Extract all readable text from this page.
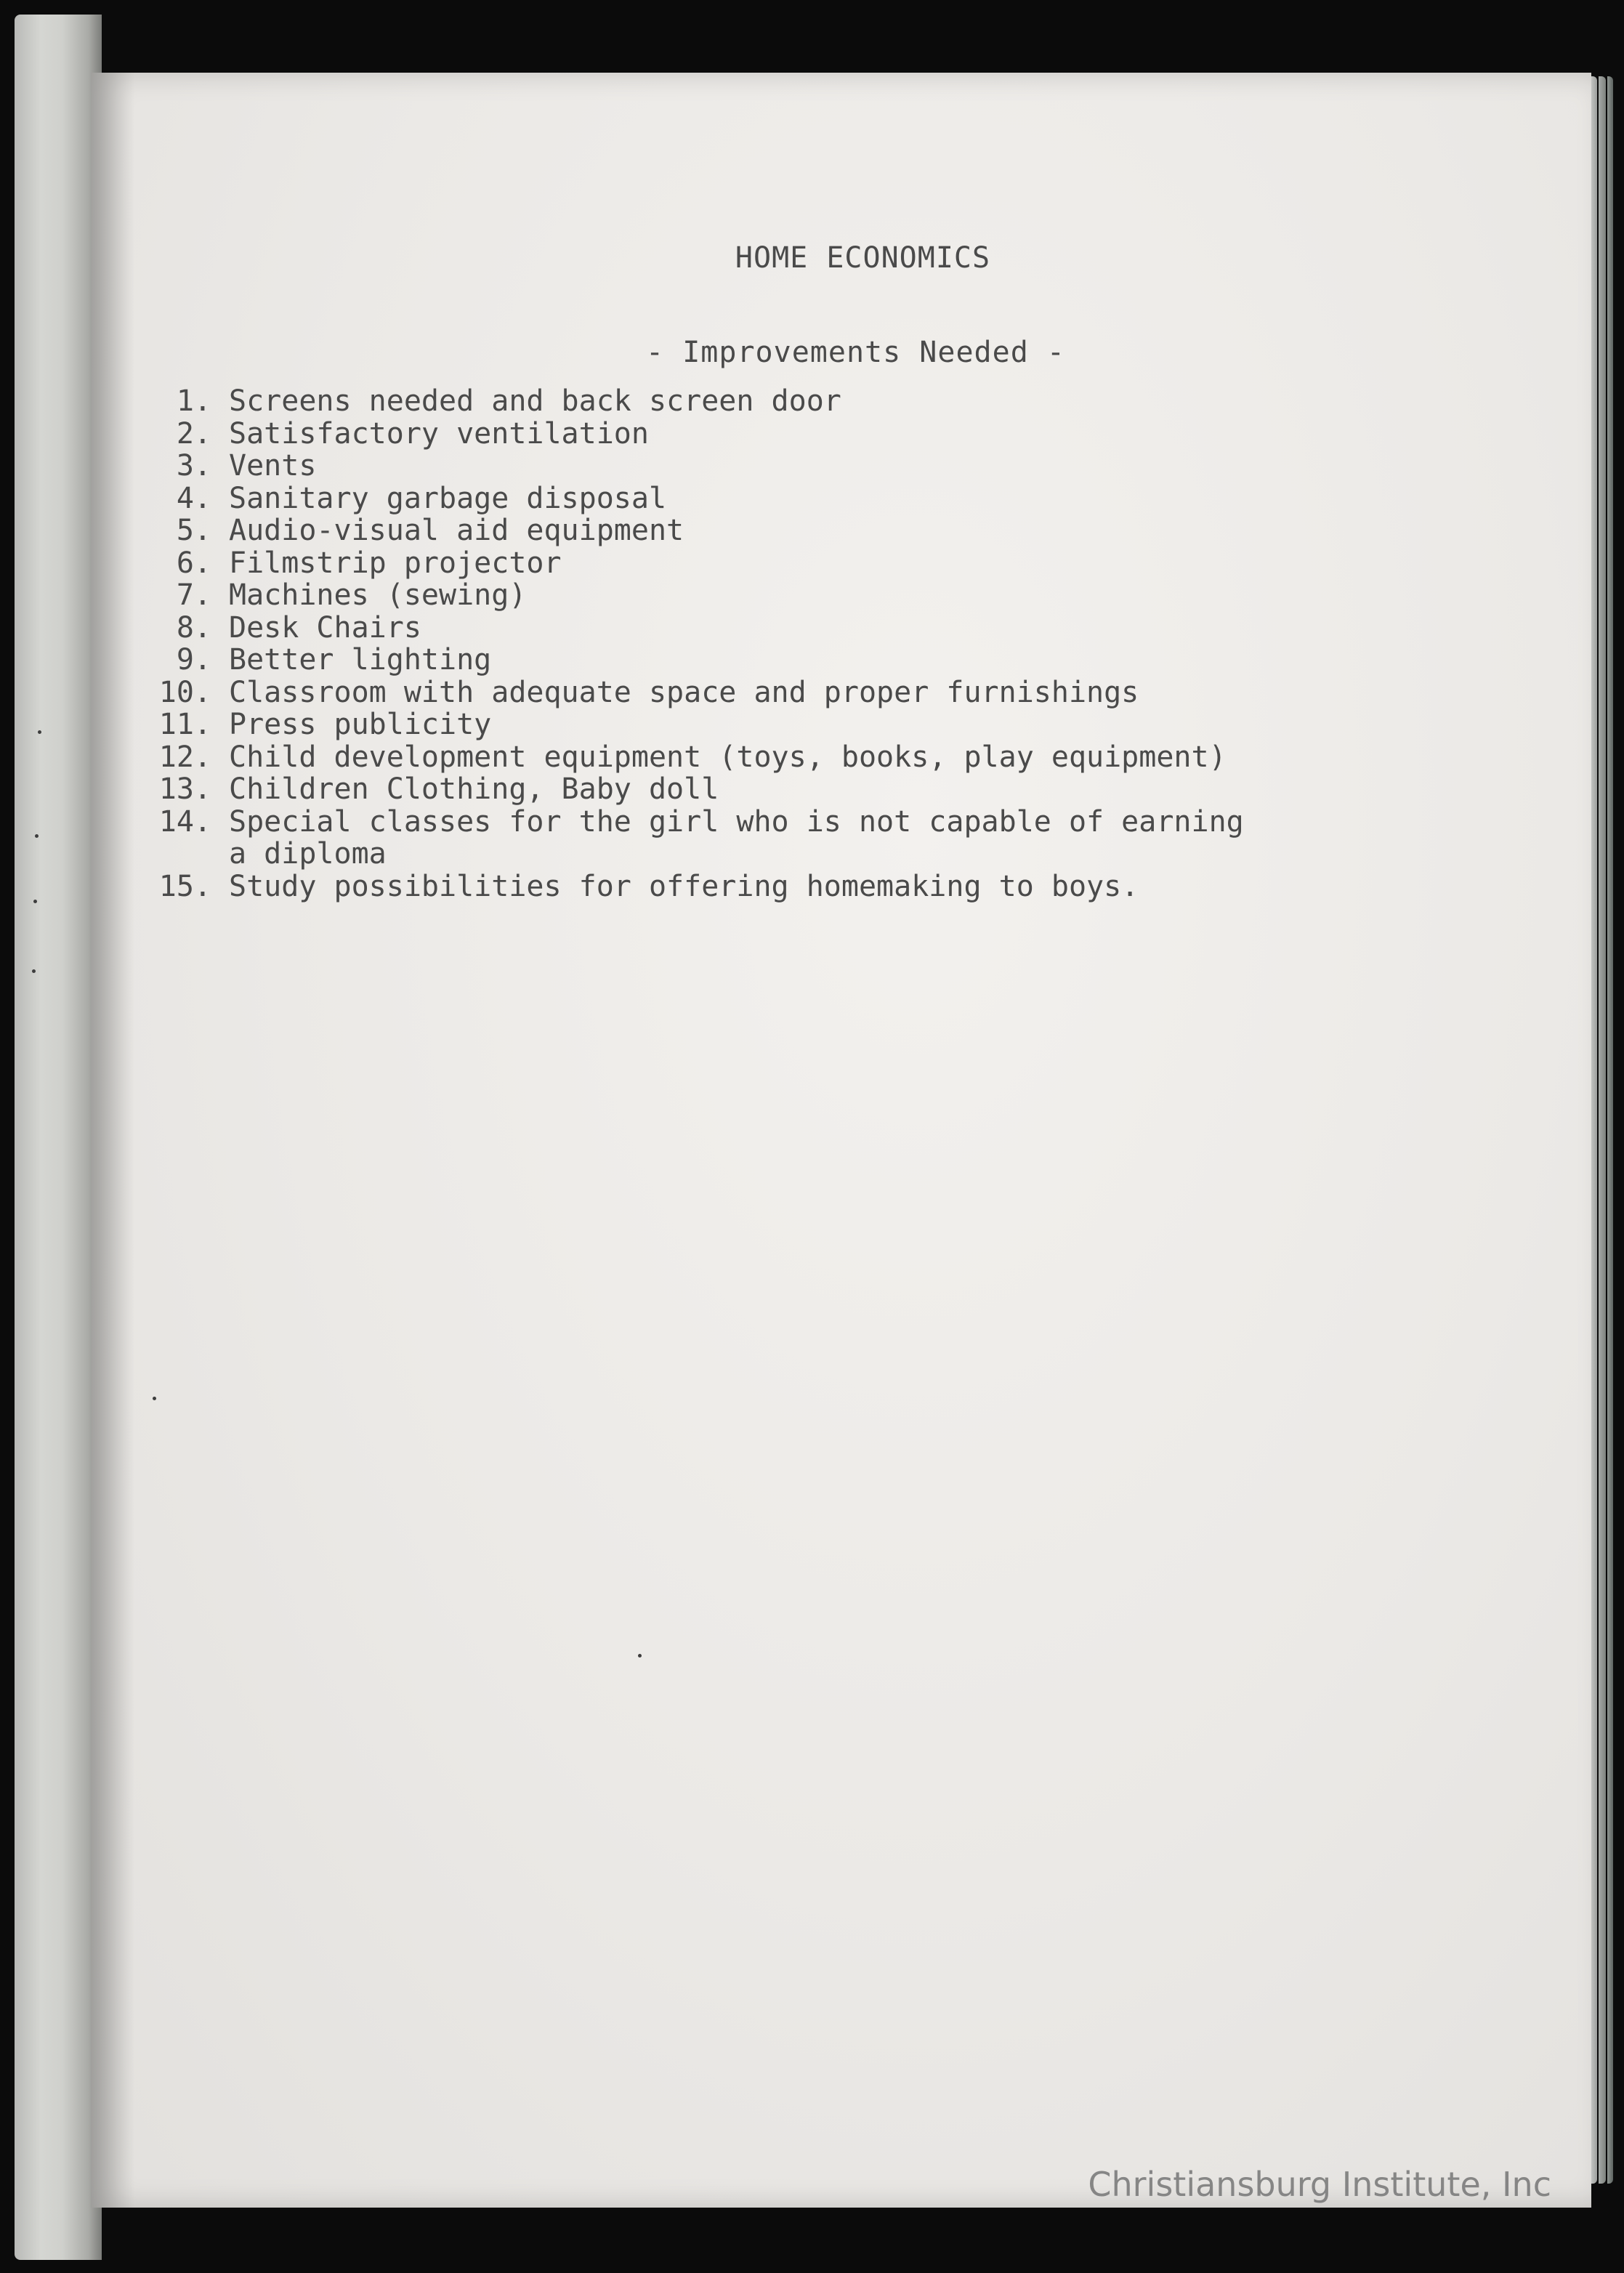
HOME ECONOMICS
- Improvements Needed -
1. Screens needed and back screen door
2. Satisfactory ventilation
3. Vents
4. Sanitary garbage disposal
5. Audio-visual aid equipment
6. Filmstrip projector
7. Machines (sewing)
8. Desk Chairs
9. Better lighting
10. Classroom with adequate space and proper furnishings
11. Press publicity
12. Child development equipment (toys, books, play equipment)
13. Children Clothing, Baby doll
14. Special classes for the girl who is not capable of earning
a diploma
15. Study possibilities for offering homemaking to boys.
Christiansburg Institute, Inc
